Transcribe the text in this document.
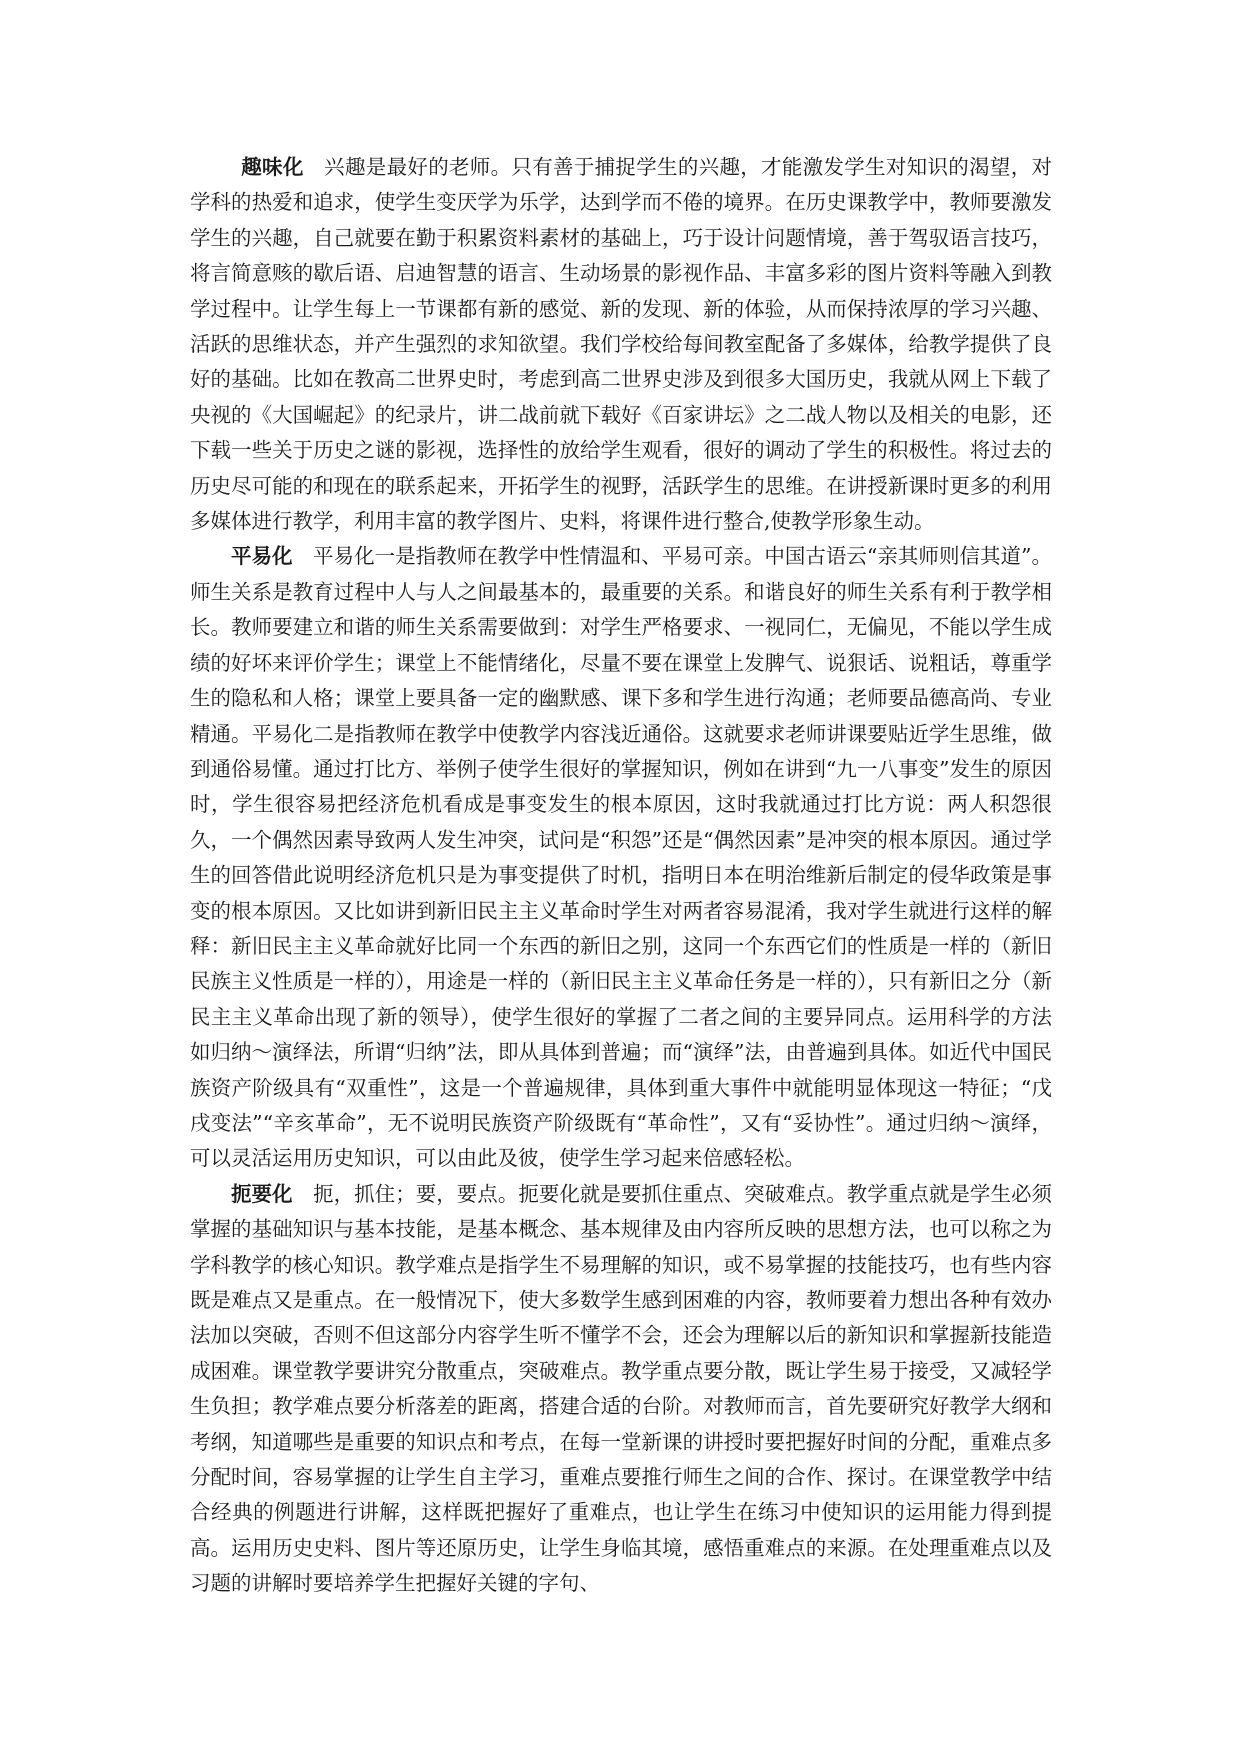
趣味化 兴趣是最好的老师。只有善于捕捉学生的兴趣，才能激发学生对知识的渴望，对学科的热爱和追求，使学生变厌学为乐学，达到学而不倦的境界。在历史课教学中，教师要激发学生的兴趣，自己就要在勤于积累资料素材的基础上，巧于设计问题情境，善于驾驭语言技巧，将言简意赅的歇后语、启迪智慧的语言、生动场景的影视作品、丰富多彩的图片资料等融入到教学过程中。让学生每上一节课都有新的感觉、新的发现、新的体验，从而保持浓厚的学习兴趣、活跃的思维状态，并产生强烈的求知欲望。我们学校给每间教室配备了多媒体，给教学提供了良好的基础。比如在教高二世界史时，考虑到高二世界史涉及到很多大国历史，我就从网上下载了央视的《大国崛起》的纪录片，讲二战前就下载好《百家讲坛》之二战人物以及相关的电影，还下载一些关于历史之谜的影视，选择性的放给学生观看，很好的调动了学生的积极性。将过去的历史尽可能的和现在的联系起来，开拓学生的视野，活跃学生的思维。在讲授新课时更多的利用多媒体进行教学，利用丰富的教学图片、史料，将课件进行整合,使教学形象生动。

平易化 平易化一是指教师在教学中性情温和、平易可亲。中国古语云“亲其师则信其道”。师生关系是教育过程中人与人之间最基本的，最重要的关系。和谐良好的师生关系有利于教学相长。教师要建立和谐的师生关系需要做到：对学生严格要求、一视同仁，无偏见，不能以学生成绩的好坏来评价学生；课堂上不能情绪化，尽量不要在课堂上发脾气、说狠话、说粗话，尊重学生的隐私和人格；课堂上要具备一定的幽默感、课下多和学生进行沟通；老师要品德高尚、专业精通。平易化二是指教师在教学中使教学内容浅近通俗。这就要求老师讲课要贴近学生思维，做到通俗易懂。通过打比方、举例子使学生很好的掌握知识，例如在讲到“九一八事变”发生的原因时，学生很容易把经济危机看成是事变发生的根本原因，这时我就通过打比方说：两人积怨很久，一个偶然因素导致两人发生冲突，试问是“积怨”还是“偶然因素”是冲突的根本原因。通过学生的回答借此说明经济危机只是为事变提供了时机，指明日本在明治维新后制定的侵华政策是事变的根本原因。又比如讲到新旧民主主义革命时学生对两者容易混淆，我对学生就进行这样的解释：新旧民主主义革命就好比同一个东西的新旧之别，这同一个东西它们的性质是一样的（新旧民族主义性质是一样的），用途是一样的（新旧民主主义革命任务是一样的），只有新旧之分（新民主主义革命出现了新的领导），使学生很好的掌握了二者之间的主要异同点。运用科学的方法如归纳～演绎法，所谓“归纳”法，即从具体到普遍；而“演绎”法，由普遍到具体。如近代中国民族资产阶级具有“双重性”，这是一个普遍规律，具体到重大事件中就能明显体现这一特征；“戊戌变法”“辛亥革命”，无不说明民族资产阶级既有“革命性”，又有“妥协性”。通过归纳～演绎，可以灵活运用历史知识，可以由此及彼，使学生学习起来倍感轻松。

扼要化 扼，抓住；要，要点。扼要化就是要抓住重点、突破难点。教学重点就是学生必须掌握的基础知识与基本技能，是基本概念、基本规律及由内容所反映的思想方法，也可以称之为学科教学的核心知识。教学难点是指学生不易理解的知识，或不易掌握的技能技巧，也有些内容既是难点又是重点。在一般情况下，使大多数学生感到困难的内容，教师要着力想出各种有效办法加以突破，否则不但这部分内容学生听不懂学不会，还会为理解以后的新知识和掌握新技能造成困难。课堂教学要讲究分散重点，突破难点。教学重点要分散，既让学生易于接受，又减轻学生负担；教学难点要分析落差的距离，搭建合适的台阶。对教师而言，首先要研究好教学大纲和考纲，知道哪些是重要的知识点和考点，在每一堂新课的讲授时要把握好时间的分配，重难点多分配时间，容易掌握的让学生自主学习，重难点要推行师生之间的合作、探讨。在课堂教学中结合经典的例题进行讲解，这样既把握好了重难点，也让学生在练习中使知识的运用能力得到提高。运用历史史料、图片等还原历史，让学生身临其境，感悟重难点的来源。在处理重难点以及习题的讲解时要培养学生把握好关键的字句、
